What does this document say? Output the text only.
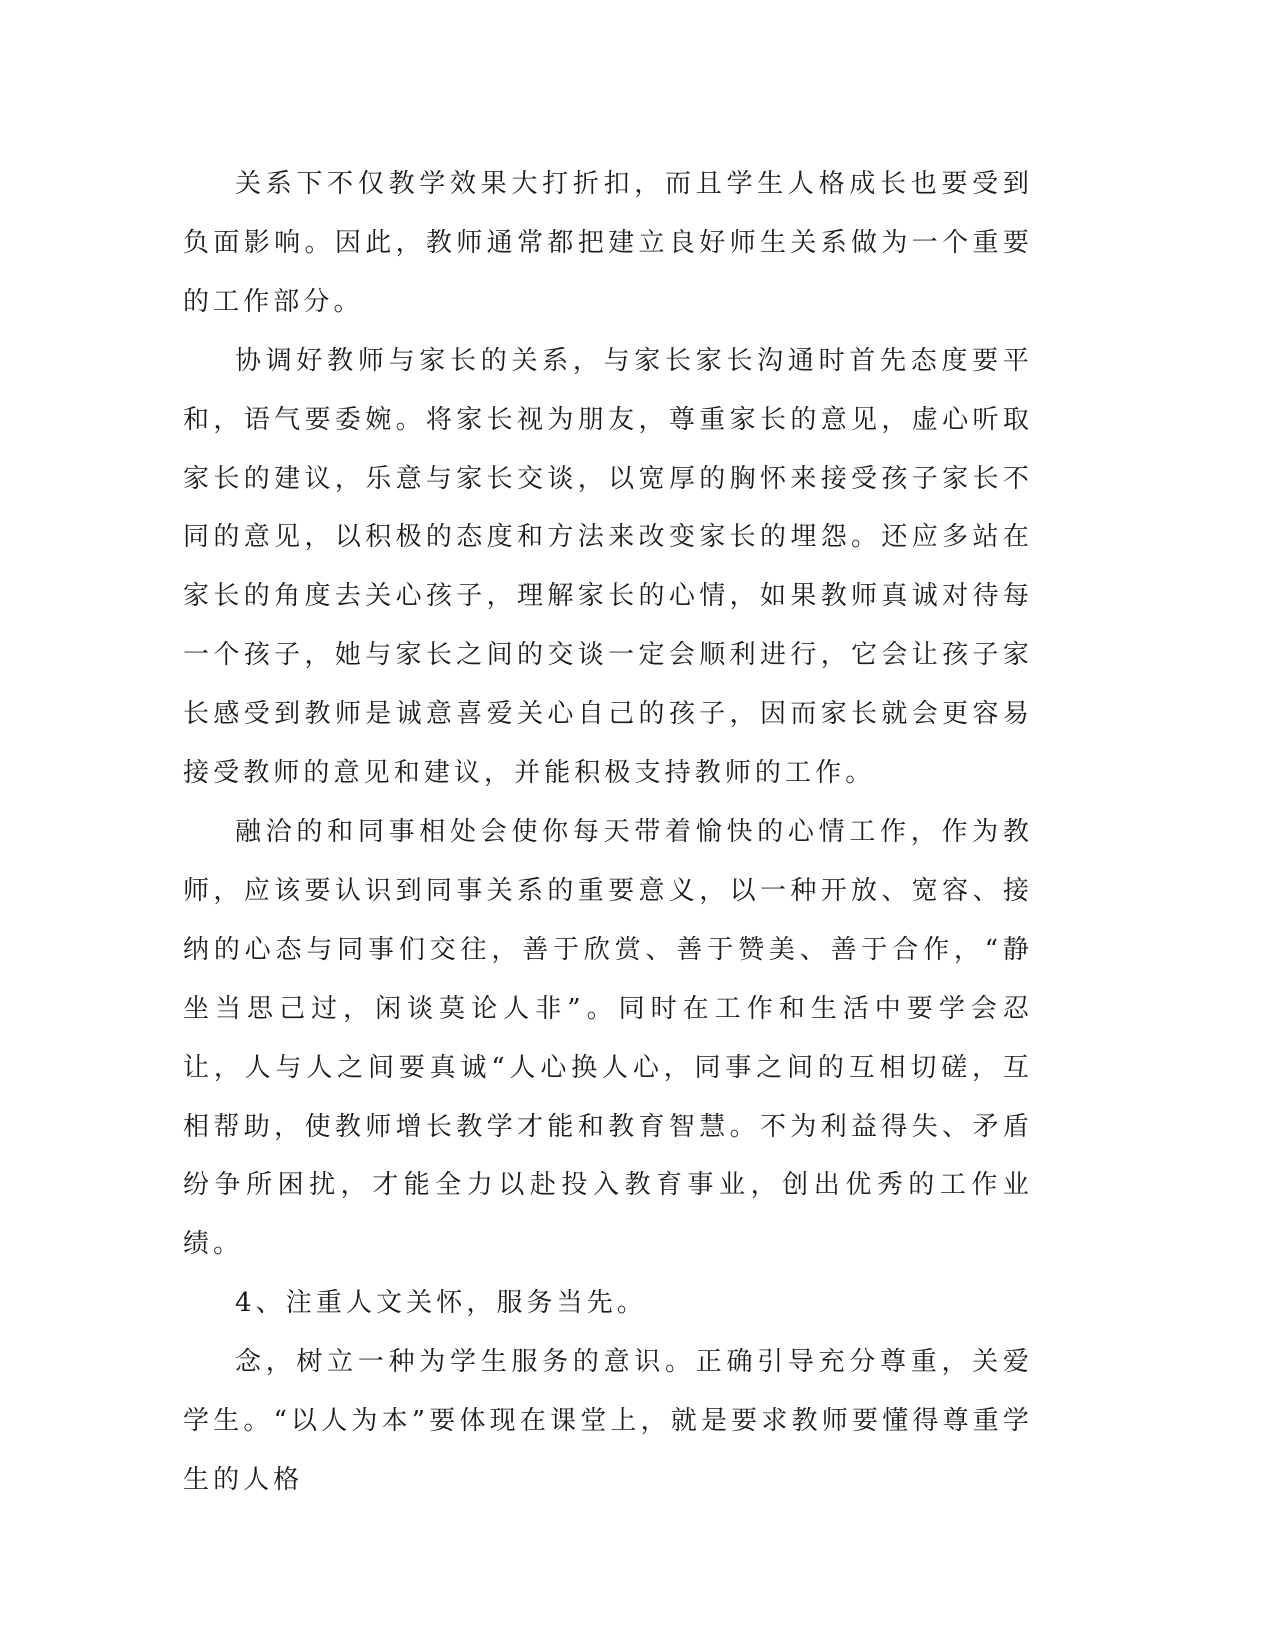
关系下不仅教学效果大打折扣，而且学生人格成长也要受到负面影响。因此，教师通常都把建立良好师生关系做为一个重要的工作部分。

协调好教师与家长的关系，与家长家长沟通时首先态度要平和，语气要委婉。将家长视为朋友，尊重家长的意见，虚心听取家长的建议，乐意与家长交谈，以宽厚的胸怀来接受孩子家长不同的意见，以积极的态度和方法来改变家长的埋怨。还应多站在家长的角度去关心孩子，理解家长的心情，如果教师真诚对待每一个孩子，她与家长之间的交谈一定会顺利进行，它会让孩子家长感受到教师是诚意喜爱关心自己的孩子，因而家长就会更容易接受教师的意见和建议，并能积极支持教师的工作。

融洽的和同事相处会使你每天带着愉快的心情工作，作为教师，应该要认识到同事关系的重要意义，以一种开放、宽容、接纳的心态与同事们交往，善于欣赏、善于赞美、善于合作，“静坐当思己过，闲谈莫论人非”。同时在工作和生活中要学会忍让，人与人之间要真诚“人心换人心，同事之间的互相切磋，互相帮助，使教师增长教学才能和教育智慧。不为利益得失、矛盾纷争所困扰，才能全力以赴投入教育事业，创出优秀的工作业绩。

4、注重人文关怀，服务当先。

念，树立一种为学生服务的意识。正确引导充分尊重，关爱学生。“以人为本”要体现在课堂上，就是要求教师要懂得尊重学生的人格
